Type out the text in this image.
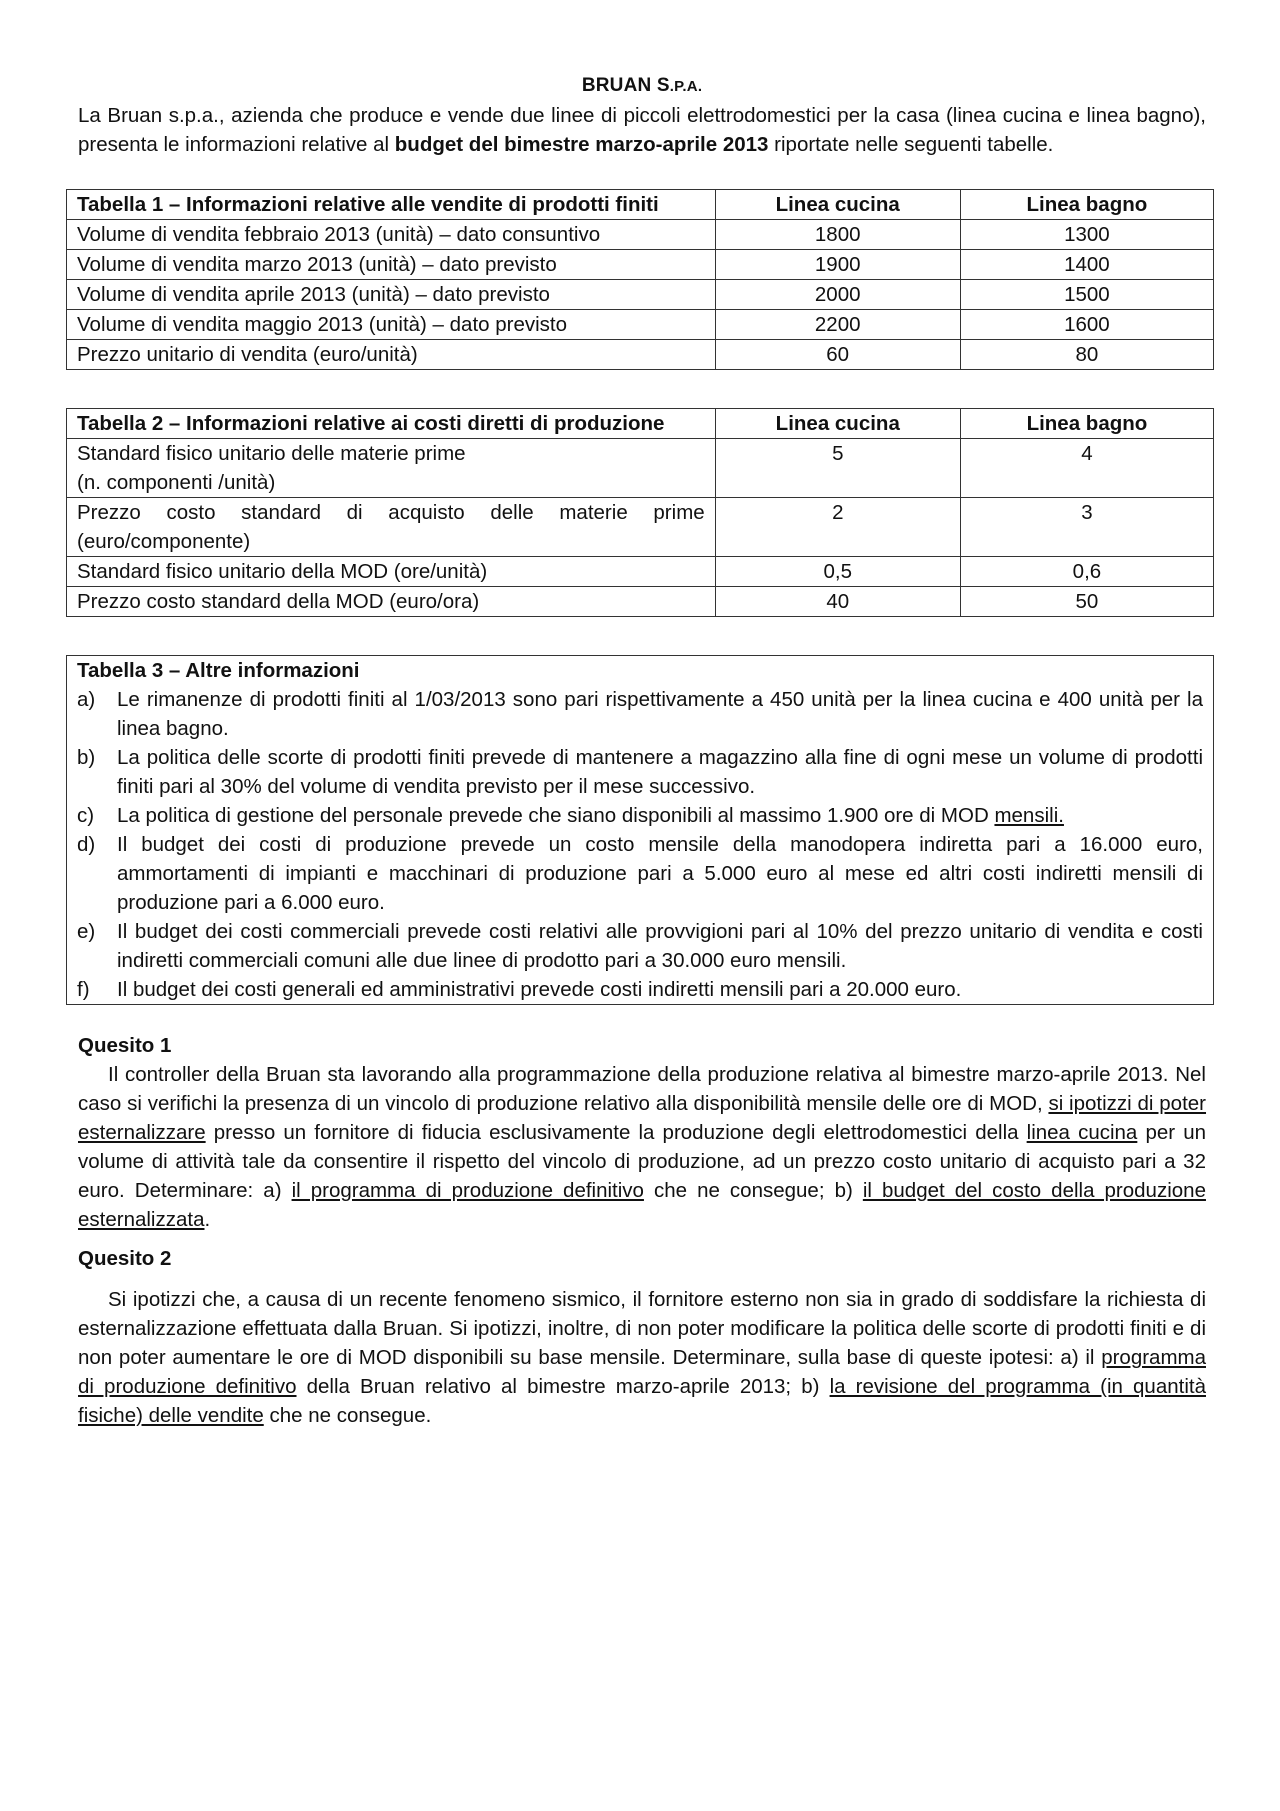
BRUAN S.P.A.

La Bruan s.p.a., azienda che produce e vende due linee di piccoli elettrodomestici per la casa (linea cucina e linea bagno), presenta le informazioni relative al budget del bimestre marzo-aprile 2013 riportate nelle seguenti tabelle.

Tabella 1 – Informazioni relative alle vendite di prodotti finiti	Linea cucina	Linea bagno
Volume di vendita febbraio 2013 (unità) – dato consuntivo	1800	1300
Volume di vendita marzo 2013 (unità) – dato previsto	1900	1400
Volume di vendita aprile 2013 (unità) – dato previsto	2000	1500
Volume di vendita maggio 2013 (unità) – dato previsto	2200	1600
Prezzo unitario di vendita (euro/unità)	60	80
Tabella 2 – Informazioni relative ai costi diretti di produzione	Linea cucina	Linea bagno
Standard fisico unitario delle materie prime
(n. componenti /unità)	5	4

Prezzo costo standard di acquisto delle materie prime
(euro/componente)	2	3
Standard fisico unitario della MOD (ore/unità)	0,5	0,6
Prezzo costo standard della MOD (euro/ora)	40	50

Tabella 3 – Altre informazioni

a)	Le rimanenze di prodotti finiti al 1/03/2013 sono pari rispettivamente a 450 unità per la linea cucina e 400 unità per la linea bagno.
b)	La politica delle scorte di prodotti finiti prevede di mantenere a magazzino alla fine di ogni mese un volume di prodotti finiti pari al 30% del volume di vendita previsto per il mese successivo.
c)	La politica di gestione del personale prevede che siano disponibili al massimo 1.900 ore di MOD mensili.
d)	Il budget dei costi di produzione prevede un costo mensile della manodopera indiretta pari a 16.000 euro, ammortamenti di impianti e macchinari di produzione pari a 5.000 euro al mese ed altri costi indiretti mensili di produzione pari a 6.000 euro.
e)	Il budget dei costi commerciali prevede costi relativi alle provvigioni pari al 10% del prezzo unitario di vendita e costi indiretti commerciali comuni alle due linee di prodotto pari a 30.000 euro mensili.
f)	Il budget dei costi generali ed amministrativi prevede costi indiretti mensili pari a 20.000 euro.

Quesito 1

Il controller della Bruan sta lavorando alla programmazione della produzione relativa al bimestre marzo-aprile 2013. Nel caso si verifichi la presenza di un vincolo di produzione relativo alla disponibilità mensile delle ore di MOD, si ipotizzi di poter esternalizzare presso un fornitore di fiducia esclusivamente la produzione degli elettrodomestici della linea cucina per un volume di attività tale da consentire il rispetto del vincolo di produzione, ad un prezzo costo unitario di acquisto pari a 32 euro. Determinare: a) il programma di produzione definitivo che ne consegue; b) il budget del costo della produzione esternalizzata.

Quesito 2

Si ipotizzi che, a causa di un recente fenomeno sismico, il fornitore esterno non sia in grado di soddisfare la richiesta di esternalizzazione effettuata dalla Bruan. Si ipotizzi, inoltre, di non poter modificare la politica delle scorte di prodotti finiti e di non poter aumentare le ore di MOD disponibili su base mensile. Determinare, sulla base di queste ipotesi: a) il programma di produzione definitivo della Bruan relativo al bimestre marzo-aprile 2013; b) la revisione del programma (in quantità fisiche) delle vendite che ne consegue.
